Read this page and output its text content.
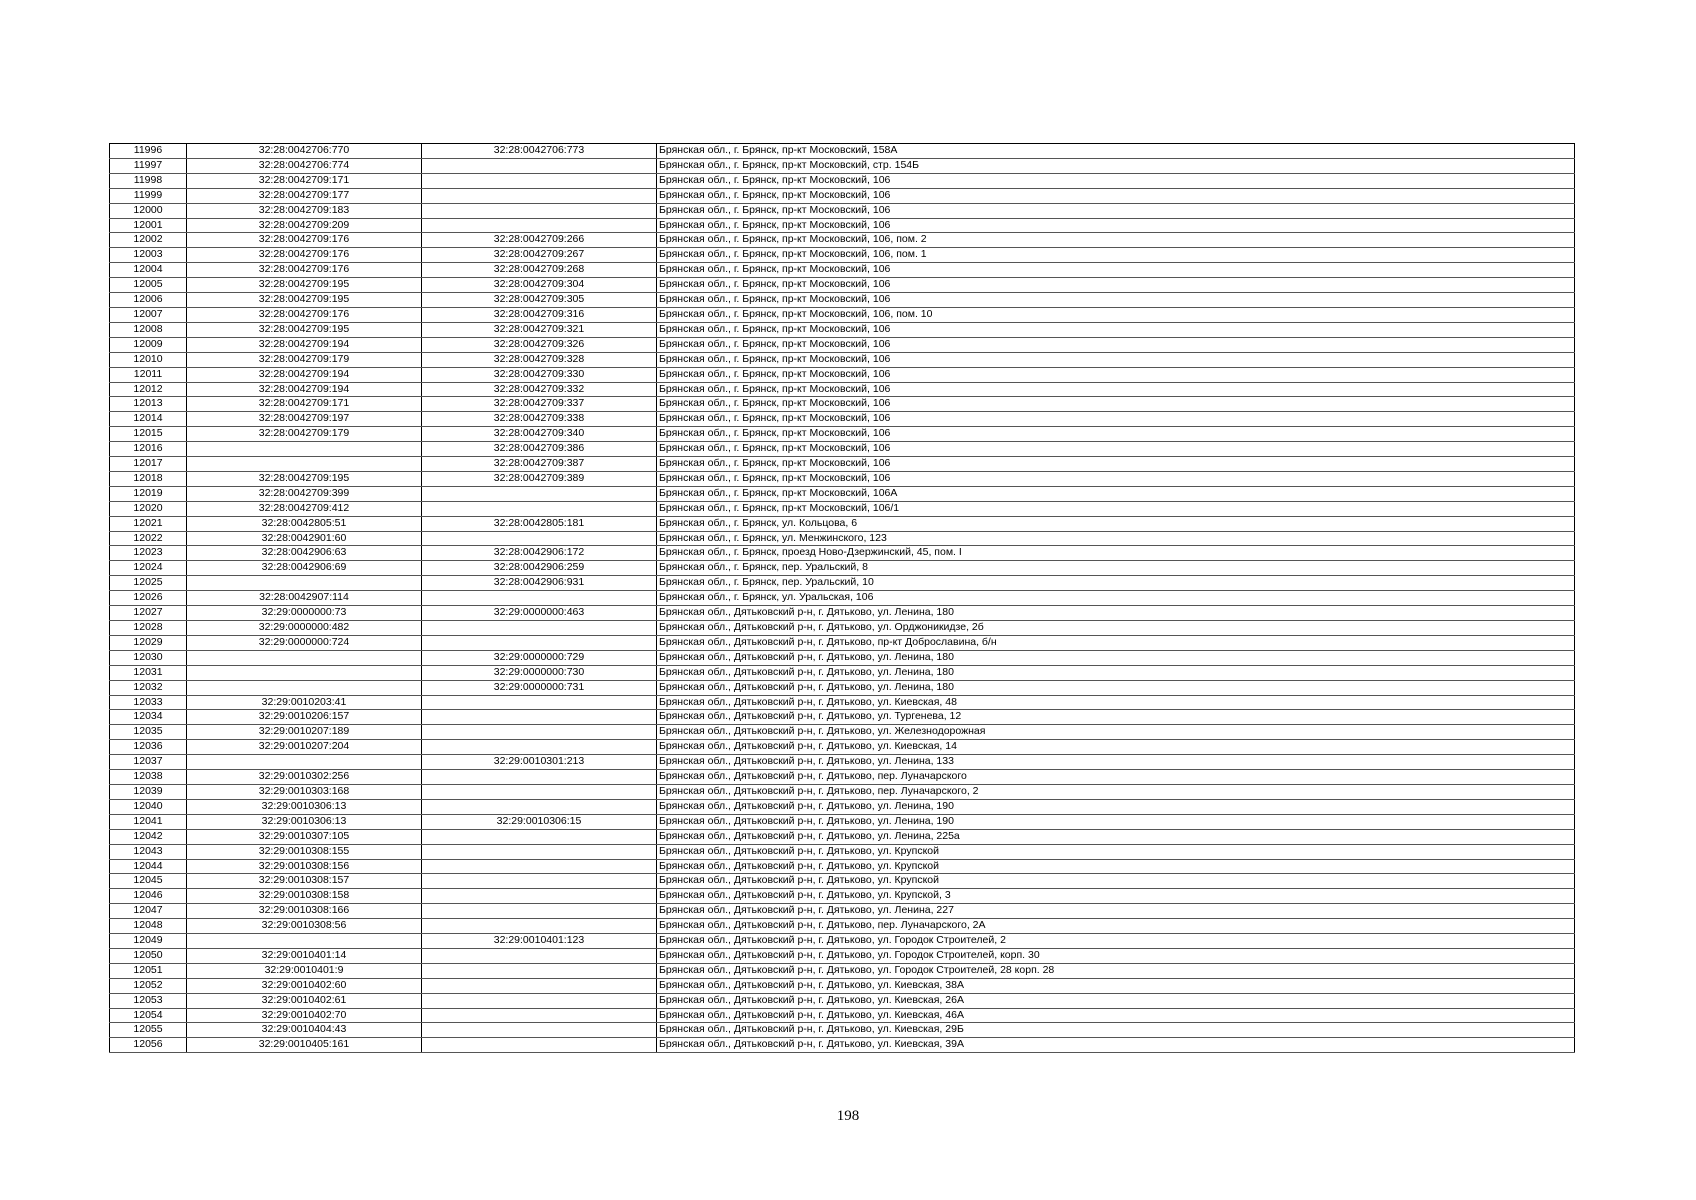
11996	32:28:0042706:770	32:28:0042706:773	Брянская обл., г. Брянск, пр-кт Московский, 158А
11997	32:28:0042706:774		Брянская обл., г. Брянск, пр-кт Московский, стр. 154Б
11998	32:28:0042709:171		Брянская обл., г. Брянск, пр-кт Московский, 106
11999	32:28:0042709:177		Брянская обл., г. Брянск, пр-кт Московский, 106
12000	32:28:0042709:183		Брянская обл., г. Брянск, пр-кт Московский, 106
12001	32:28:0042709:209		Брянская обл., г. Брянск, пр-кт Московский, 106
12002	32:28:0042709:176	32:28:0042709:266	Брянская обл., г. Брянск, пр-кт Московский, 106, пом. 2
12003	32:28:0042709:176	32:28:0042709:267	Брянская обл., г. Брянск, пр-кт Московский, 106, пом. 1
12004	32:28:0042709:176	32:28:0042709:268	Брянская обл., г. Брянск, пр-кт Московский, 106
12005	32:28:0042709:195	32:28:0042709:304	Брянская обл., г. Брянск, пр-кт Московский, 106
12006	32:28:0042709:195	32:28:0042709:305	Брянская обл., г. Брянск, пр-кт Московский, 106
12007	32:28:0042709:176	32:28:0042709:316	Брянская обл., г. Брянск, пр-кт Московский, 106, пом. 10
12008	32:28:0042709:195	32:28:0042709:321	Брянская обл., г. Брянск, пр-кт Московский, 106
12009	32:28:0042709:194	32:28:0042709:326	Брянская обл., г. Брянск, пр-кт Московский, 106
12010	32:28:0042709:179	32:28:0042709:328	Брянская обл., г. Брянск, пр-кт Московский, 106
12011	32:28:0042709:194	32:28:0042709:330	Брянская обл., г. Брянск, пр-кт Московский, 106
12012	32:28:0042709:194	32:28:0042709:332	Брянская обл., г. Брянск, пр-кт Московский, 106
12013	32:28:0042709:171	32:28:0042709:337	Брянская обл., г. Брянск, пр-кт Московский, 106
12014	32:28:0042709:197	32:28:0042709:338	Брянская обл., г. Брянск, пр-кт Московский, 106
12015	32:28:0042709:179	32:28:0042709:340	Брянская обл., г. Брянск, пр-кт Московский, 106
12016		32:28:0042709:386	Брянская обл., г. Брянск, пр-кт Московский, 106
12017		32:28:0042709:387	Брянская обл., г. Брянск, пр-кт Московский, 106
12018	32:28:0042709:195	32:28:0042709:389	Брянская обл., г. Брянск, пр-кт Московский, 106
12019	32:28:0042709:399		Брянская обл., г. Брянск, пр-кт Московский, 106А
12020	32:28:0042709:412		Брянская обл., г. Брянск, пр-кт Московский, 106/1
12021	32:28:0042805:51	32:28:0042805:181	Брянская обл., г. Брянск, ул. Кольцова, 6
12022	32:28:0042901:60		Брянская обл., г. Брянск, ул. Менжинского, 123
12023	32:28:0042906:63	32:28:0042906:172	Брянская обл., г. Брянск, проезд Ново-Дзержинский, 45, пом. I
12024	32:28:0042906:69	32:28:0042906:259	Брянская обл., г. Брянск, пер. Уральский, 8
12025		32:28:0042906:931	Брянская обл., г. Брянск, пер. Уральский, 10
12026	32:28:0042907:114		Брянская обл., г. Брянск, ул. Уральская, 106
12027	32:29:0000000:73	32:29:0000000:463	Брянская обл., Дятьковский р-н, г. Дятьково, ул. Ленина, 180
12028	32:29:0000000:482		Брянская обл., Дятьковский р-н, г. Дятьково, ул. Орджоникидзе, 2б
12029	32:29:0000000:724		Брянская обл., Дятьковский р-н, г. Дятьково, пр-кт Доброславина, б/н
12030		32:29:0000000:729	Брянская обл., Дятьковский р-н, г. Дятьково, ул. Ленина, 180
12031		32:29:0000000:730	Брянская обл., Дятьковский р-н, г. Дятьково, ул. Ленина, 180
12032		32:29:0000000:731	Брянская обл., Дятьковский р-н, г. Дятьково, ул. Ленина, 180
12033	32:29:0010203:41		Брянская обл., Дятьковский р-н, г. Дятьково, ул. Киевская, 48
12034	32:29:0010206:157		Брянская обл., Дятьковский р-н, г. Дятьково, ул. Тургенева, 12
12035	32:29:0010207:189		Брянская обл., Дятьковский р-н, г. Дятьково, ул. Железнодорожная
12036	32:29:0010207:204		Брянская обл., Дятьковский р-н, г. Дятьково, ул. Киевская, 14
12037		32:29:0010301:213	Брянская обл., Дятьковский р-н, г. Дятьково, ул. Ленина, 133
12038	32:29:0010302:256		Брянская обл., Дятьковский р-н, г. Дятьково, пер. Луначарского
12039	32:29:0010303:168		Брянская обл., Дятьковский р-н, г. Дятьково, пер. Луначарского, 2
12040	32:29:0010306:13		Брянская обл., Дятьковский р-н, г. Дятьково, ул. Ленина, 190
12041	32:29:0010306:13	32:29:0010306:15	Брянская обл., Дятьковский р-н, г. Дятьково, ул. Ленина, 190
12042	32:29:0010307:105		Брянская обл., Дятьковский р-н, г. Дятьково, ул. Ленина, 225а
12043	32:29:0010308:155		Брянская обл., Дятьковский р-н, г. Дятьково, ул. Крупской
12044	32:29:0010308:156		Брянская обл., Дятьковский р-н, г. Дятьково, ул. Крупской
12045	32:29:0010308:157		Брянская обл., Дятьковский р-н, г. Дятьково, ул. Крупской
12046	32:29:0010308:158		Брянская обл., Дятьковский р-н, г. Дятьково, ул. Крупской, 3
12047	32:29:0010308:166		Брянская обл., Дятьковский р-н, г. Дятьково, ул. Ленина, 227
12048	32:29:0010308:56		Брянская обл., Дятьковский р-н, г. Дятьково, пер. Луначарского, 2А
12049		32:29:0010401:123	Брянская обл., Дятьковский р-н, г. Дятьково, ул. Городок Строителей, 2
12050	32:29:0010401:14		Брянская обл., Дятьковский р-н, г. Дятьково, ул. Городок Строителей, корп. 30
12051	32:29:0010401:9		Брянская обл., Дятьковский р-н, г. Дятьково, ул. Городок Строителей, 28 корп. 28
12052	32:29:0010402:60		Брянская обл., Дятьковский р-н, г. Дятьково, ул. Киевская, 38А
12053	32:29:0010402:61		Брянская обл., Дятьковский р-н, г. Дятьково, ул. Киевская, 26А
12054	32:29:0010402:70		Брянская обл., Дятьковский р-н, г. Дятьково, ул. Киевская, 46А
12055	32:29:0010404:43		Брянская обл., Дятьковский р-н, г. Дятьково, ул. Киевская, 29Б
12056	32:29:0010405:161		Брянская обл., Дятьковский р-н, г. Дятьково, ул. Киевская, 39А
198
